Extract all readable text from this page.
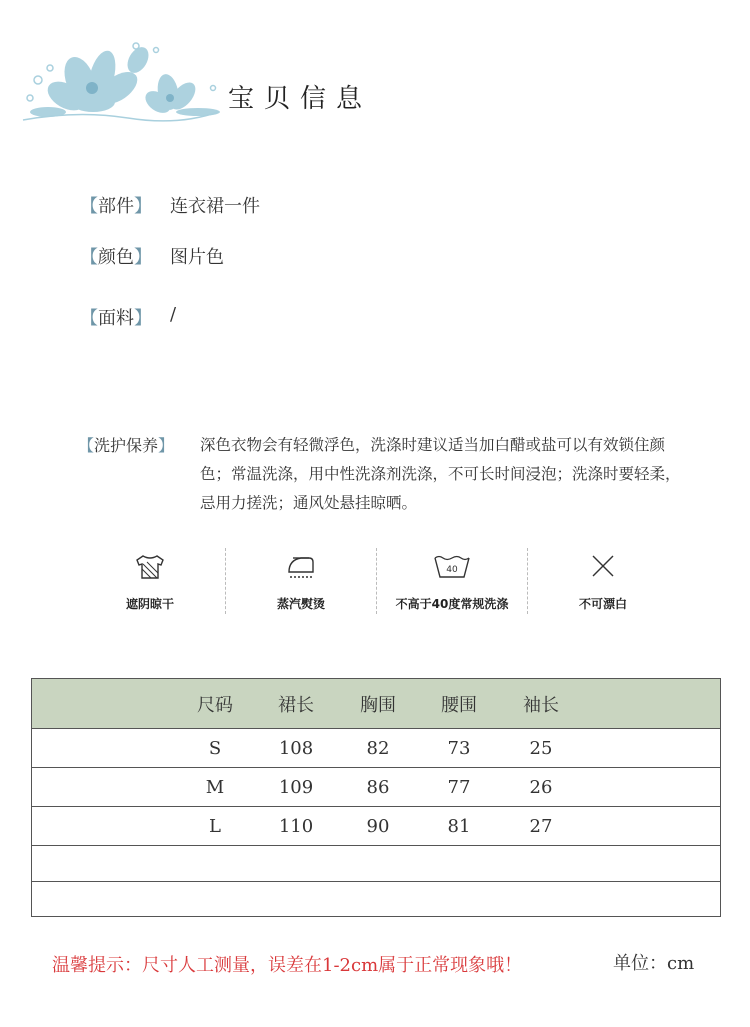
宝贝信息
【部件】 连衣裙一件
【颜色】 图片色
【面料】 /
【洗护保养】 深色衣物会有轻微浮色，洗涤时建议适当加白醋或盐可以有效锁住颜色；常温洗涤，用中性洗涤剂洗涤，不可长时间浸泡；洗涤时要轻柔，忌用力搓洗；通风处悬挂晾晒。
遮阴晾干	蒸汽熨烫
40
不高于40度常规洗涤	不可漂白
尺码	裙长	胸围	腰围	袖长
S	108	82	73	25
M	109	86	77	26
L	110	90	81	27
温馨提示：尺寸人工测量，误差在1-2cm属于正常现象哦！	单位：cm
